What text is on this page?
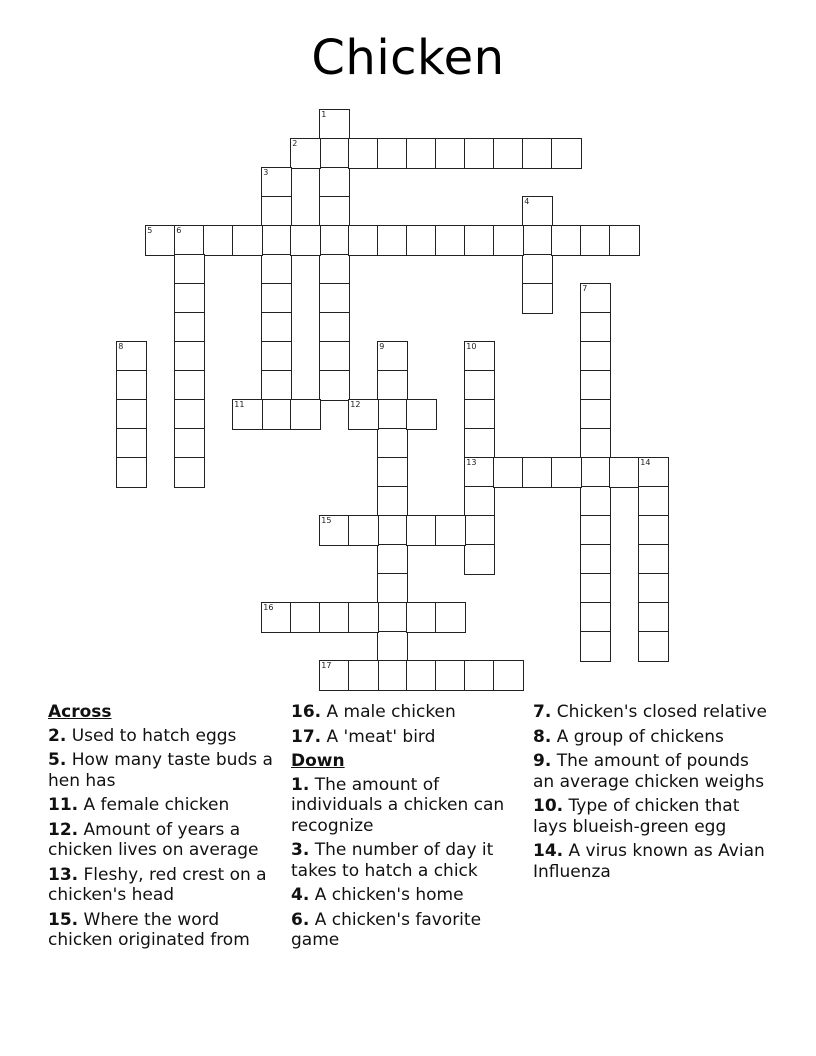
Chicken
1
2
3
4
5	6
7
8	9	10
13
11	12
14
15
16
17
Across
2. Used to hatch eggs
5. How many taste buds a hen has
11. A female chicken
12. Amount of years a chicken lives on average
13. Fleshy, red crest on a chicken's head
15. Where the word chicken originated from
16. A male chicken
17. A 'meat' bird
Down
1. The amount of individuals a chicken can recognize
3. The number of day it takes to hatch a chick
4. A chicken's home
6. A chicken's favorite game
7. Chicken's closed relative
8. A group of chickens
9. The amount of pounds an average chicken weighs
10. Type of chicken that lays blueish-green egg
14. A virus known as Avian Influenza
